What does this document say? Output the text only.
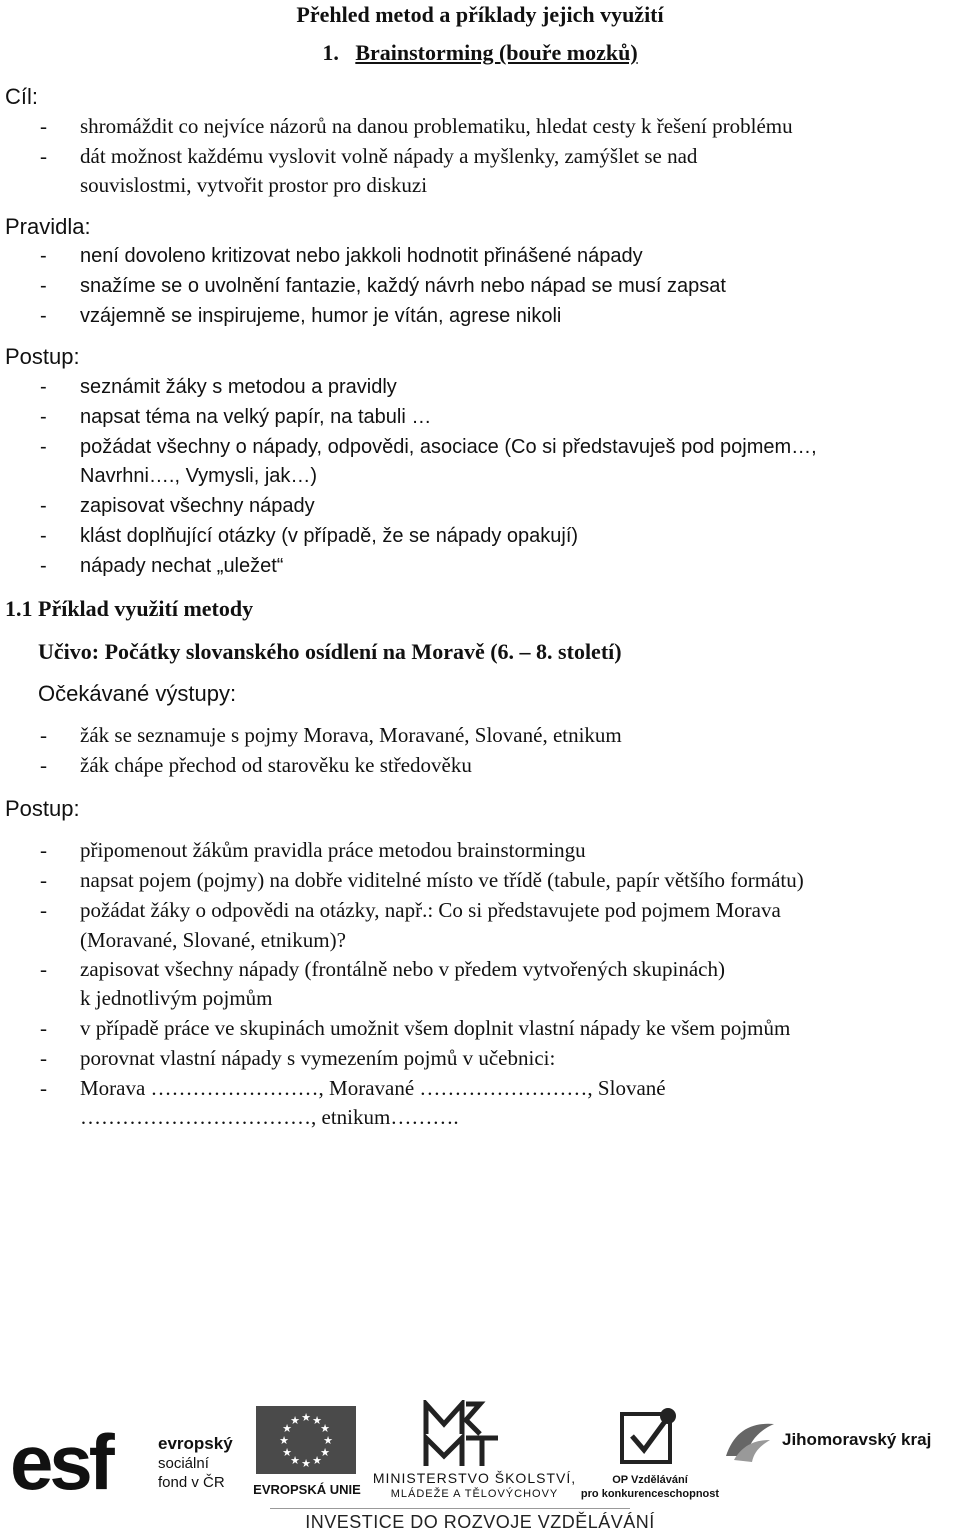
Přehled metod a příklady jejich využití
1. Brainstorming (bouře mozků)
Cíl:
- shromáždit co nejvíce názorů na danou problematiku, hledat cesty k řešení problému
- dát možnost každému vyslovit volně nápady a myšlenky, zamýšlet se nad
souvislostmi, vytvořit prostor pro diskuzi
Pravidla:
- není dovoleno kritizovat nebo jakkoli hodnotit přinášené nápady
- snažíme se o uvolnění fantazie, každý návrh nebo nápad se musí zapsat
- vzájemně se inspirujeme, humor je vítán, agrese nikoli
Postup:
- seznámit žáky s metodou a pravidly
- napsat téma na velký papír, na tabuli …
- požádat všechny o nápady, odpovědi, asociace (Co si představuješ pod pojmem…,
Navrhni…., Vymysli, jak…)
- zapisovat všechny nápady
- klást doplňující otázky (v případě, že se nápady opakují)
- nápady nechat „uležet“
1.1 Příklad využití metody
Učivo: Počátky slovanského osídlení na Moravě (6. – 8. století)
Očekávané výstupy:
- žák se seznamuje s pojmy Morava, Moravané, Slované, etnikum
- žák chápe přechod od starověku ke středověku
Postup:
- připomenout žákům pravidla práce metodou brainstormingu
- napsat pojem (pojmy) na dobře viditelné místo ve třídě (tabule, papír většího formátu)
- požádat žáky o odpovědi na otázky, např.: Co si představujete pod pojmem Morava
(Moravané, Slované, etnikum)?
- zapisovat všechny nápady (frontálně nebo v předem vytvořených skupinách)
k jednotlivým pojmům
- v případě práce ve skupinách umožnit všem doplnit vlastní nápady ke všem pojmům
- porovnat vlastní nápady s vymezením pojmů v učebnici:
- Morava ……………………, Moravané ……………………, Slované
……………………………, etnikum……….
esf	evropský
sociální
fond v ČR
★ ★
★
★
★
★
★
★
★
★
★
★
EVROPSKÁ UNIE
MINISTERSTVO ŠKOLSTVÍ,
MLÁDEŽE A TĚLOVÝCHOVY
OP Vzdělávání
pro konkurenceschopnost
Jihomoravský kraj
INVESTICE DO ROZVOJE VZDĚLÁVÁNÍ
